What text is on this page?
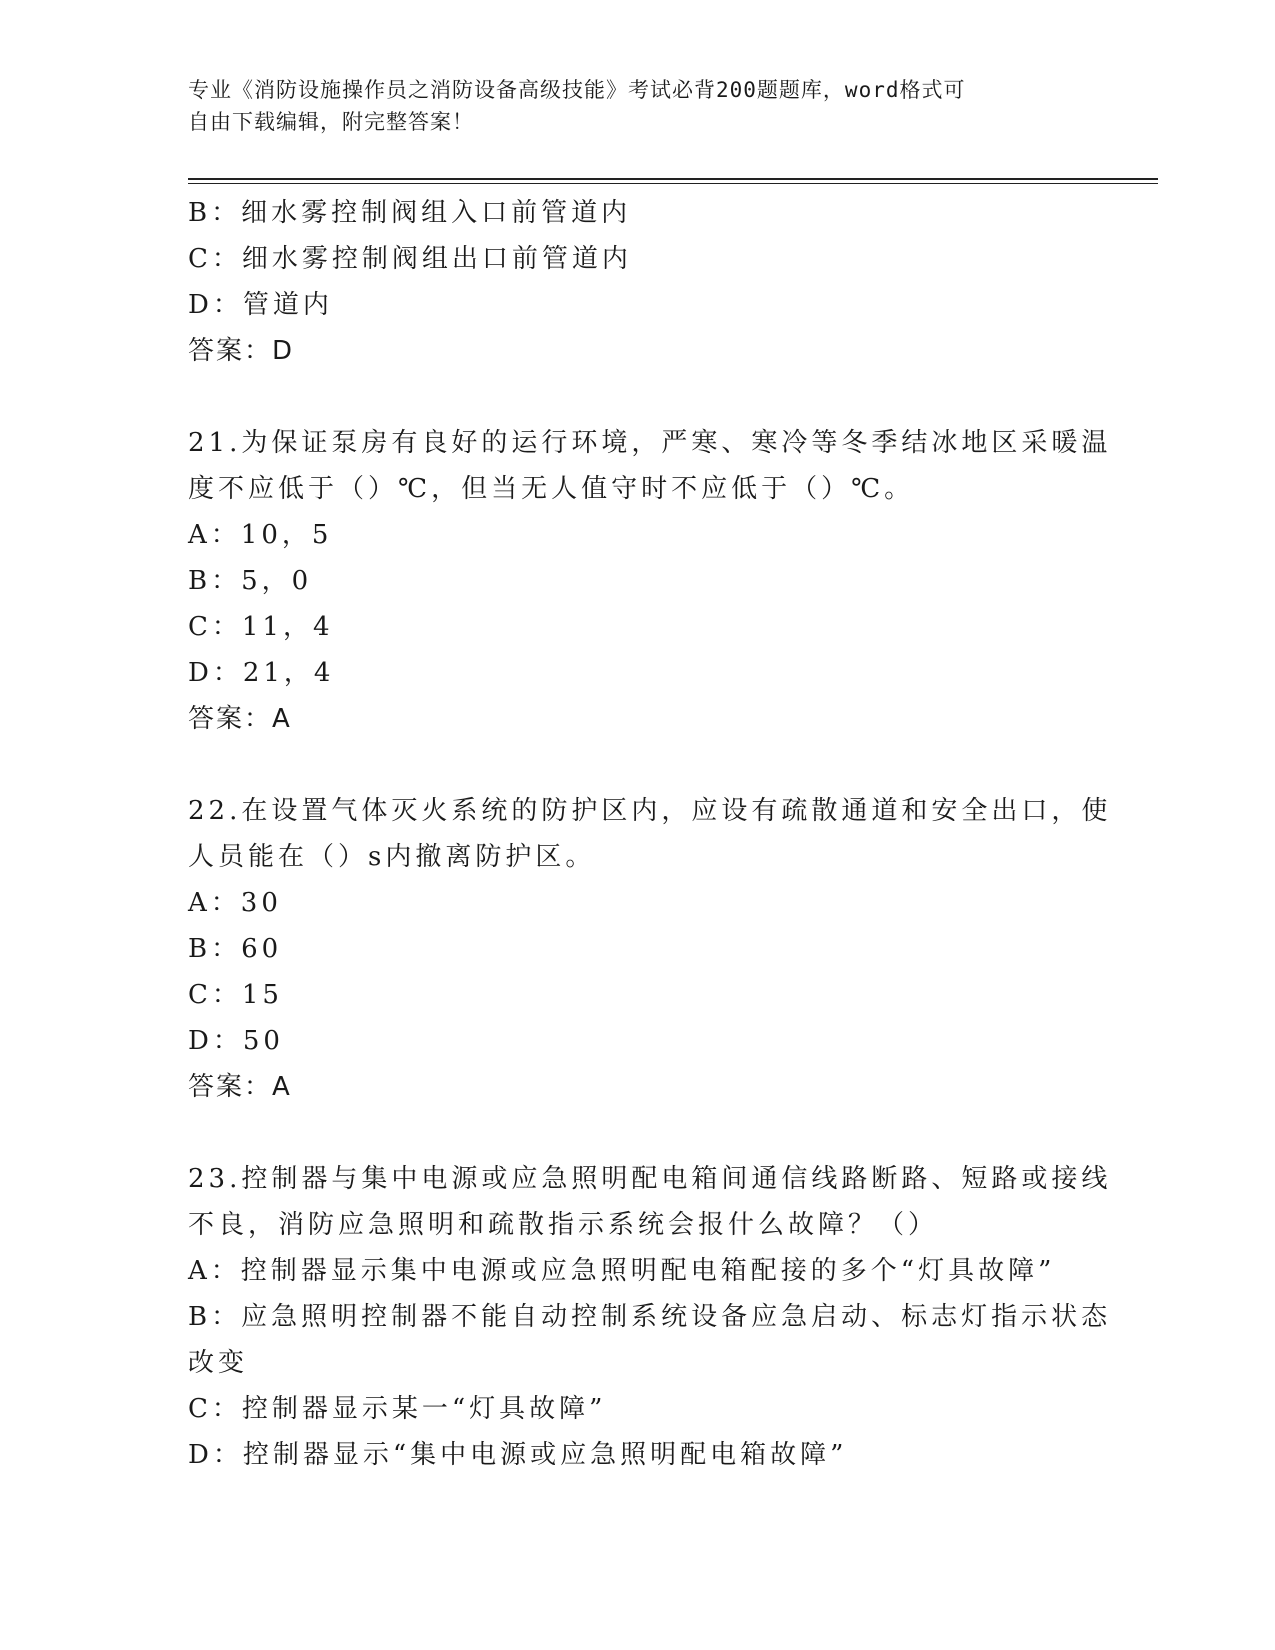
专业《消防设施操作员之消防设备高级技能》考试必背200题题库，word格式可
自由下载编辑，附完整答案！
B：细水雾控制阀组入口前管道内
C：细水雾控制阀组出口前管道内
D：管道内
答案：D
21.为保证泵房有良好的运行环境，严寒、寒冷等冬季结冰地区采暖温
度不应低于（）℃，但当无人值守时不应低于（）℃。
A：10，5
B：5，0
C：11，4
D：21，4
答案：A
22.在设置气体灭火系统的防护区内，应设有疏散通道和安全出口，使
人员能在（）s内撤离防护区。
A：30
B：60
C：15
D：50
答案：A
23.控制器与集中电源或应急照明配电箱间通信线路断路、短路或接线
不良，消防应急照明和疏散指示系统会报什么故障？（）
A：控制器显示集中电源或应急照明配电箱配接的多个“灯具故障”
B：应急照明控制器不能自动控制系统设备应急启动、标志灯指示状态
改变
C：控制器显示某一“灯具故障”
D：控制器显示“集中电源或应急照明配电箱故障”
